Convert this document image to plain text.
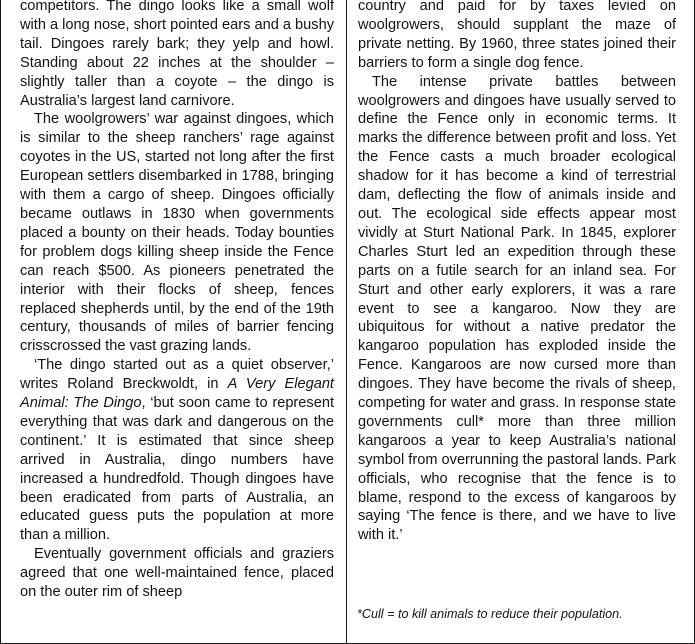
competitors. The dingo looks like a small wolf with a long nose, short pointed ears and a bushy tail. Dingoes rarely bark; they yelp and howl. Standing about 22 inches at the shoulder – slightly taller than a coyote – the dingo is Australia’s largest land carnivore.

The woolgrowers’ war against dingoes, which is similar to the sheep ranchers’ rage against coyotes in the US, started not long after the first European settlers disembarked in 1788, bringing with them a cargo of sheep. Dingoes officially became outlaws in 1830 when governments placed a bounty on their heads. Today bounties for problem dogs killing sheep inside the Fence can reach $500. As pioneers penetrated the interior with their flocks of sheep, fences replaced shepherds until, by the end of the 19th century, thousands of miles of barrier fencing crisscrossed the vast grazing lands.

‘The dingo started out as a quiet observer,’ writes Roland Breckwoldt, in A Very Elegant Animal: The Dingo, ‘but soon came to represent everything that was dark and dangerous on the continent.’ It is estimated that since sheep arrived in Australia, dingo numbers have increased a hundredfold. Though dingoes have been eradicated from parts of Australia, an educated guess puts the population at more than a million.

Eventually government officials and graziers agreed that one well-maintained fence, placed on the outer rim of sheep

country and paid for by taxes levied on woolgrowers, should supplant the maze of private netting. By 1960, three states joined their barriers to form a single dog fence.

The intense private battles between woolgrowers and dingoes have usually served to define the Fence only in economic terms. It marks the difference between profit and loss. Yet the Fence casts a much broader ecological shadow for it has become a kind of terrestrial dam, deflecting the flow of animals inside and out. The ecological side effects appear most vividly at Sturt National Park. In 1845, explorer Charles Sturt led an expedition through these parts on a futile search for an inland sea. For Sturt and other early explorers, it was a rare event to see a kangaroo. Now they are ubiquitous for without a native predator the kangaroo population has exploded inside the Fence. Kangaroos are now cursed more than dingoes. They have become the rivals of sheep, competing for water and grass. In response state governments cull* more than three million kangaroos a year to keep Australia’s national symbol from overrunning the pastoral lands. Park officials, who recognise that the fence is to blame, respond to the excess of kangaroos by saying ‘The fence is there, and we have to live with it.’

*Cull = to kill animals to reduce their population.
